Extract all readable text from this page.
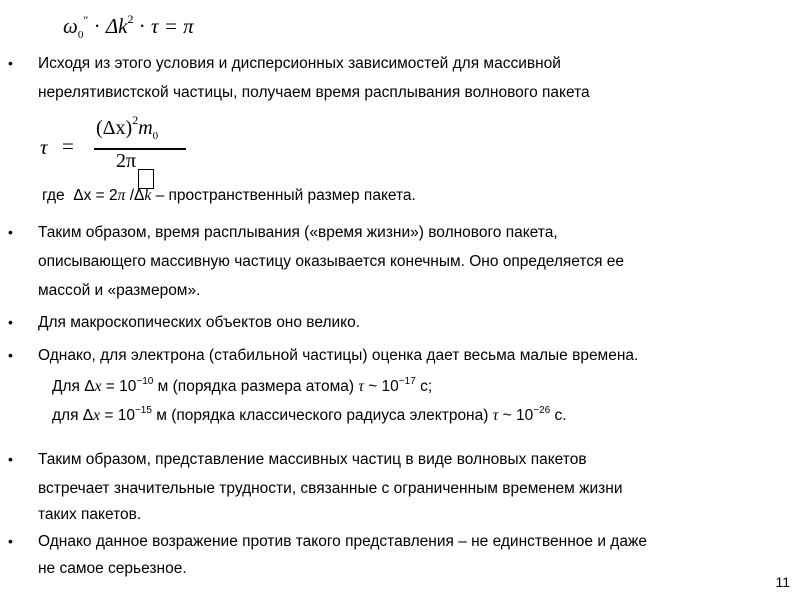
$\omega_0'' \cdot \Delta k^2 \cdot \tau = \pi$
• Исходя из этого условия и дисперсионных зависимостей для массивной
нерелятивистской частицы, получаем время расплывания волнового пакета
τ =
$(\Delta x)^2m_0$
2π
где Δx = 2π /Δk – пространственный размер пакета.
• Таким образом, время расплывания («время жизни») волнового пакета,
описывающего массивную частицу оказывается конечным. Оно определяется ее
массой и «размером».
• Для макроскопических объектов оно велико.
• Однако, для электрона (стабильной частицы) оценка дает весьма малые времена.
Для $\Delta x = 10^{-10}$ м (порядка размера атома) τ ~ $10^{-17}$ с;
для $\Delta x = 10^{-15}$ м (порядка классического радиуса электрона) τ ~ $10^{-26}$ с.
• Таким образом, представление массивных частиц в виде волновых пакетов
встречает значительные трудности, связанные с ограниченным временем жизни
таких пакетов.
• Однако данное возражение против такого представления – не единственное и даже
не самое серьезное.
11
